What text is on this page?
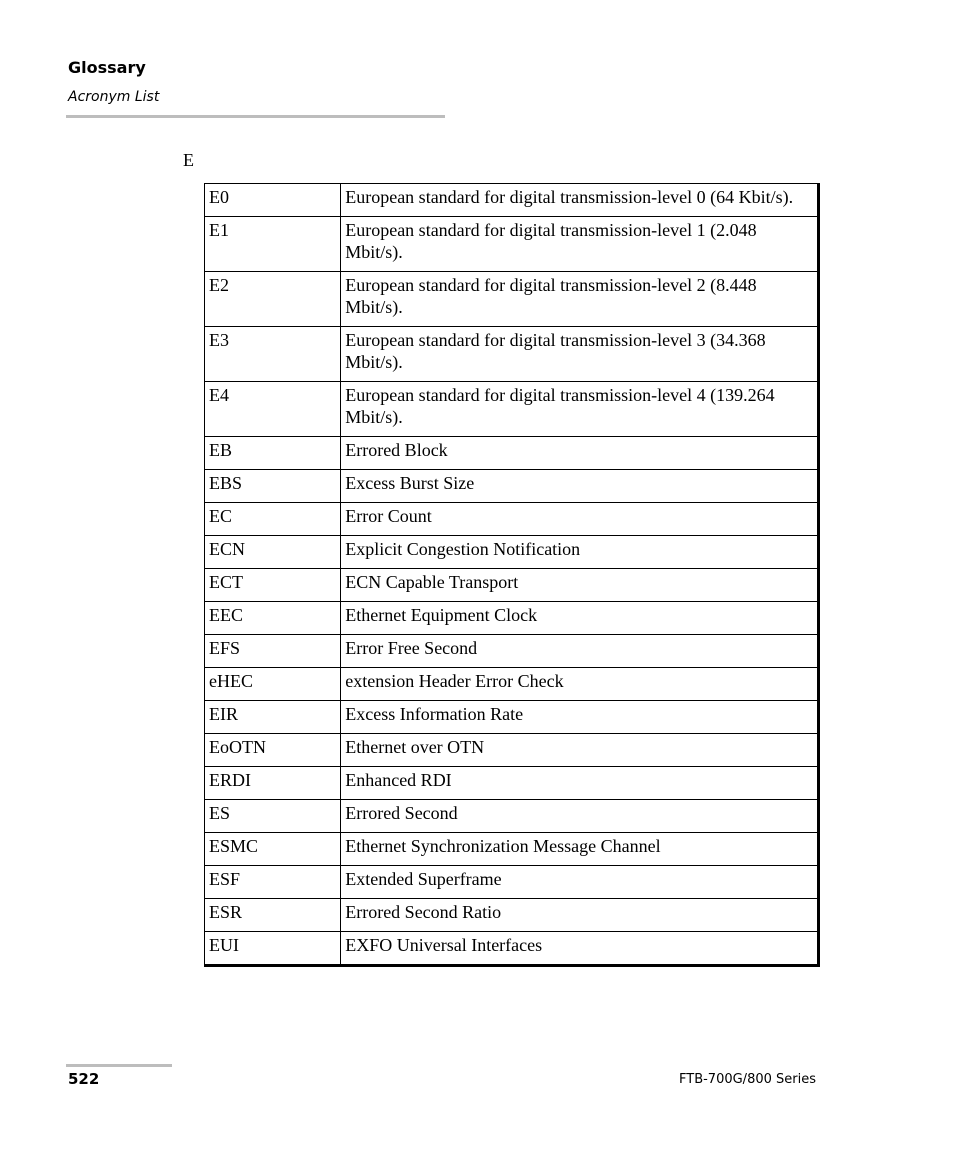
Glossary
Acronym List
E
E0	European standard for digital transmission-level 0 (64 Kbit/s).
E1	European standard for digital transmission-level 1 (2.048 Mbit/s).
E2	European standard for digital transmission-level 2 (8.448 Mbit/s).
E3	European standard for digital transmission-level 3 (34.368 Mbit/s).
E4	European standard for digital transmission-level 4 (139.264 Mbit/s).
EB	Errored Block
EBS	Excess Burst Size
EC	Error Count
ECN	Explicit Congestion Notification
ECT	ECN Capable Transport
EEC	Ethernet Equipment Clock
EFS	Error Free Second
eHEC	extension Header Error Check
EIR	Excess Information Rate
EoOTN	Ethernet over OTN
ERDI	Enhanced RDI
ES	Errored Second
ESMC	Ethernet Synchronization Message Channel
ESF	Extended Superframe
ESR	Errored Second Ratio
EUI	EXFO Universal Interfaces
522	FTB-700G/800 Series
